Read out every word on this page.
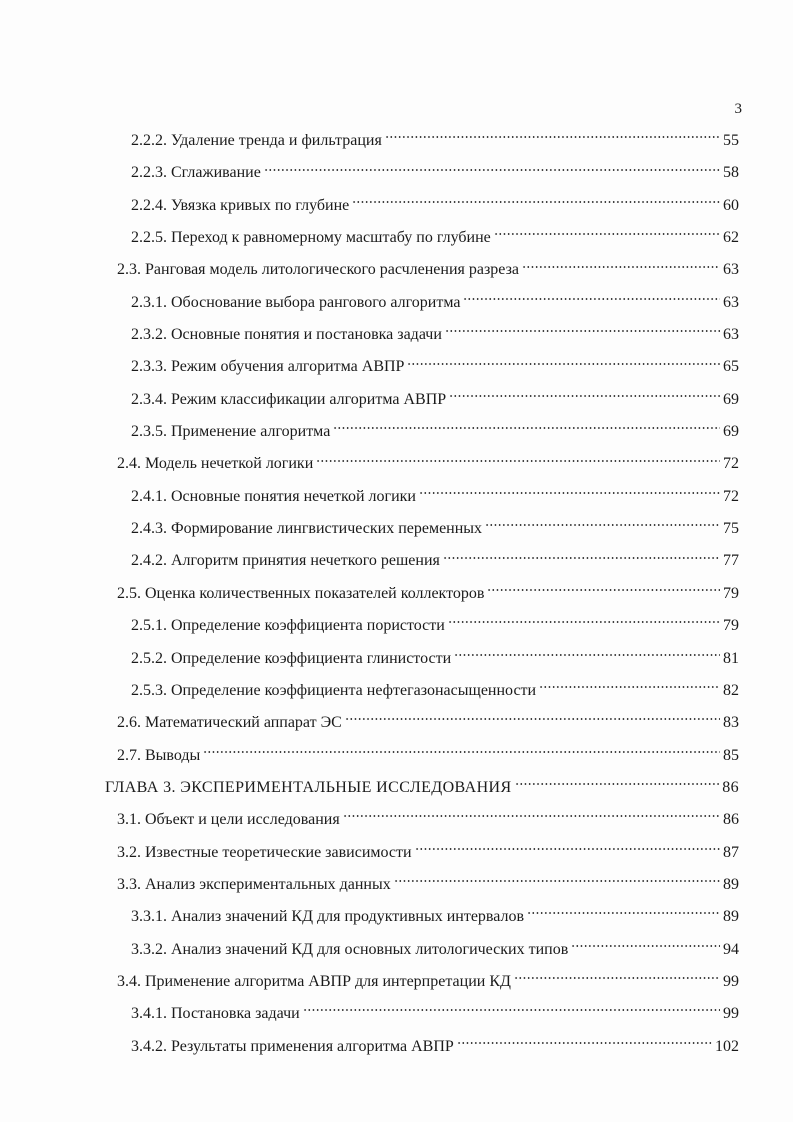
3
2.2.2. Удаление тренда и фильтрация	55
2.2.3. Сглаживание	58
2.2.4. Увязка кривых по глубине	60
2.2.5. Переход к равномерному масштабу по глубине	62
2.3. Ранговая модель литологического расчленения разреза	63
2.3.1. Обоснование выбора рангового алгоритма	63
2.3.2. Основные понятия и постановка задачи	63
2.3.3. Режим обучения алгоритма АВПР	65
2.3.4. Режим классификации алгоритма АВПР	69
2.3.5. Применение алгоритма	69
2.4. Модель нечеткой логики	72
2.4.1. Основные понятия нечеткой логики	72
2.4.3. Формирование лингвистических переменных	75
2.4.2. Алгоритм принятия нечеткого решения	77
2.5. Оценка количественных показателей коллекторов	79
2.5.1. Определение коэффициента пористости	79
2.5.2. Определение коэффициента глинистости	81
2.5.3. Определение коэффициента нефтегазонасыщенности	82
2.6. Математический аппарат ЭС	83
2.7. Выводы	85
ГЛАВА 3. ЭКСПЕРИМЕНТАЛЬНЫЕ ИССЛЕДОВАНИЯ	86
3.1. Объект и цели исследования	86
3.2. Известные теоретические зависимости	87
3.3. Анализ экспериментальных данных	89
3.3.1. Анализ значений КД для продуктивных интервалов	89
3.3.2. Анализ значений КД для основных литологических типов	94
3.4. Применение алгоритма АВПР для интерпретации КД	99
3.4.1. Постановка задачи	99
3.4.2. Результаты применения алгоритма АВПР	102
